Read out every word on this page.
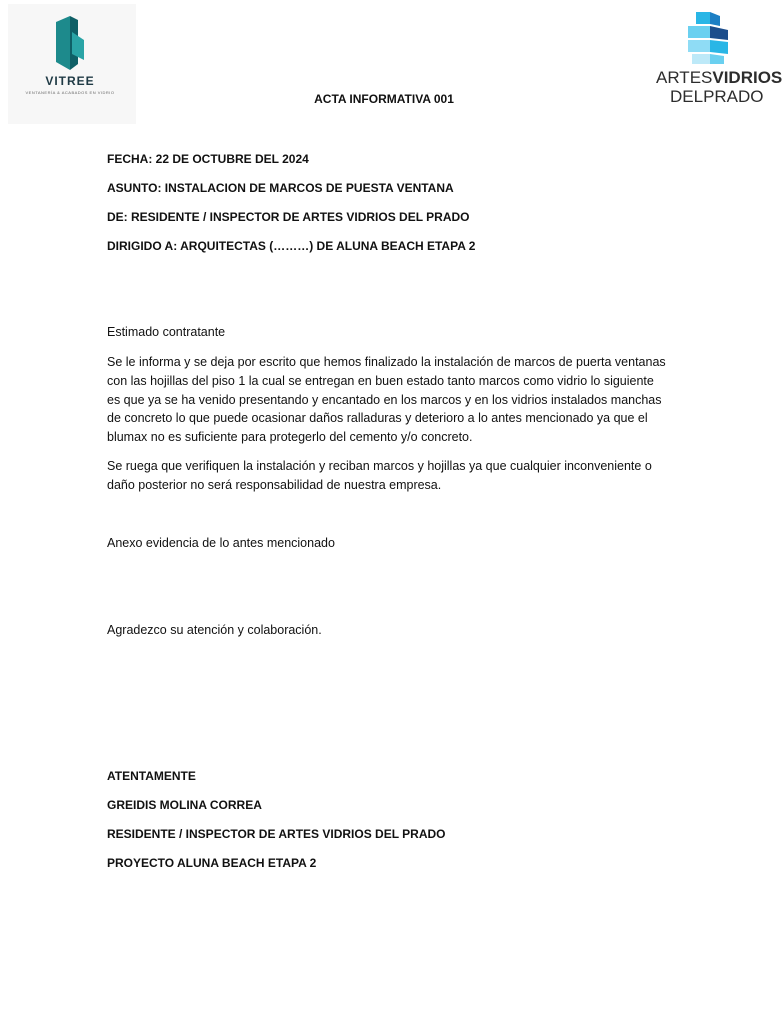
VITREE
VENTANERÍA & ACABADOS EN VIDRIO
ARTESVIDRIOS
DELPRADO
ACTA INFORMATIVA 001
FECHA: 22 DE OCTUBRE DEL 2024
ASUNTO: INSTALACION DE MARCOS DE PUESTA VENTANA
DE: RESIDENTE / INSPECTOR DE ARTES VIDRIOS DEL PRADO
DIRIGIDO A: ARQUITECTAS (………) DE ALUNA BEACH ETAPA 2
Estimado contratante
Se le informa y se deja por escrito que hemos finalizado la instalación de marcos de puerta ventanas con las hojillas del piso 1 la cual se entregan en buen estado tanto marcos como vidrio lo siguiente es que ya se ha venido presentando y encantado en los marcos y en los vidrios instalados manchas de concreto lo que puede ocasionar daños ralladuras y deterioro a lo antes mencionado ya que el blumax no es suficiente para protegerlo del cemento y/o concreto.
Se ruega que verifiquen la instalación y reciban marcos y hojillas ya que cualquier inconveniente o daño posterior no será responsabilidad de nuestra empresa.
Anexo evidencia de lo antes mencionado
Agradezco su atención y colaboración.
ATENTAMENTE
GREIDIS MOLINA CORREA
RESIDENTE / INSPECTOR DE ARTES VIDRIOS DEL PRADO
PROYECTO ALUNA BEACH ETAPA 2
